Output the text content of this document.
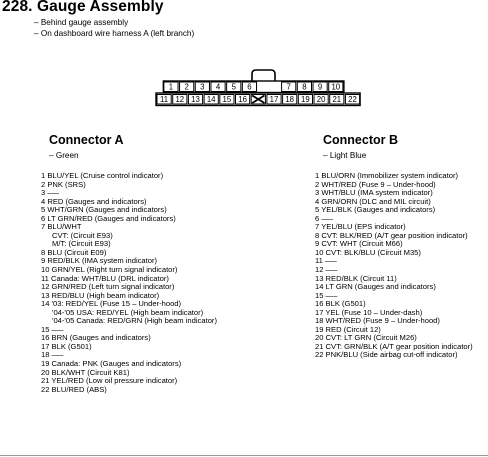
228. Gauge Assembly
– Behind gauge assembly
– On dashboard wire harness A (left branch)
1 2 3 4 5 6	7 8 9 10
11 12 13 14 15 16	17 18 19 20 21 22
Connector A
– Green
1 BLU/YEL (Cruise control indicator)
2 PNK (SRS)
3 —–
4 RED (Gauges and indicators)
5 WHT/GRN (Gauges and indicators)
6 LT GRN/RED (Gauges and indicators)
7 BLU/WHT
CVT: (Circuit E93)
M/T: (Circuit E93)
8 BLU (Circuit E09)
9 RED/BLK (IMA system indicator)
10 GRN/YEL (Right turn signal indicator)
11 Canada: WHT/BLU (DRL indicator)
12 GRN/RED (Left turn signal indicator)
13 RED/BLU (High beam indicator)
14 '03: RED/YEL (Fuse 15 – Under-hood)
'04-'05 USA: RED/YEL (High beam indicator)
'04-'05 Canada: RED/GRN (High beam indicator)
15 —–
16 BRN (Gauges and indicators)
17 BLK (G501)
18 —–
19 Canada: PNK (Gauges and indicators)
20 BLK/WHT (Circuit K81)
21 YEL/RED (Low oil pressure indicator)
22 BLU/RED (ABS)
Connector B
– Light Blue
1 BLU/ORN (Immobilizer system indicator)
2 WHT/RED (Fuse 9 – Under-hood)
3 WHT/BLU (IMA system indicator)
4 GRN/ORN (DLC and MIL circuit)
5 YEL/BLK (Gauges and indicators)
6 —–
7 YEL/BLU (EPS indicator)
8 CVT: BLK/RED (A/T gear position indicator)
9 CVT: WHT (Circuit M66)
10 CVT: BLK/BLU (Circuit M35)
11 —–
12 —–
13 RED/BLK (Circuit 11)
14 LT GRN (Gauges and indicators)
15 —–
16 BLK (G501)
17 YEL (Fuse 10 – Under-dash)
18 WHT/RED (Fuse 9 – Under-hood)
19 RED (Circuit 12)
20 CVT: LT GRN (Circuit M26)
21 CVT: GRN/BLK (A/T gear position indicator)
22 PNK/BLU (Side airbag cut-off indicator)
